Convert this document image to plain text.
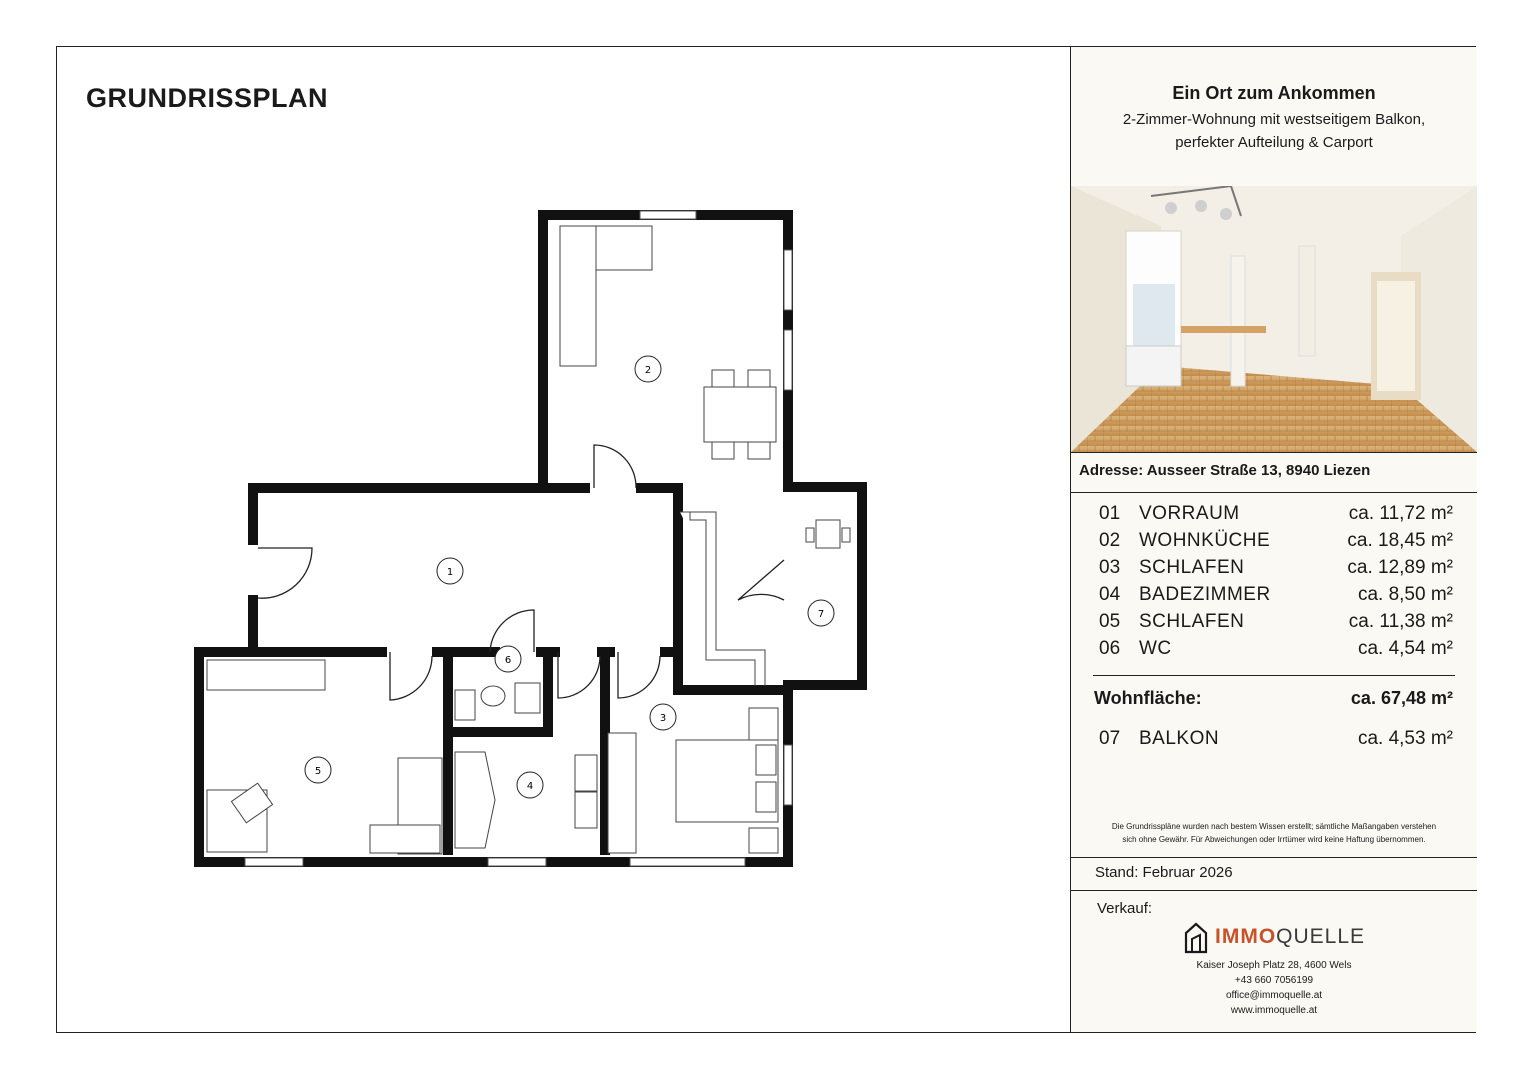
GRUNDRISSPLAN	Ein Ort zum Ankommen
2-Zimmer-Wohnung mit westseitigem Balkon,
perfekter Aufteilung & Carport
Adresse: Ausseer Straße 13, 8940 Liezen
01 VORRAUM	ca. 11,72 m²
02 WOHNKÜCHE	ca. 18,45 m²
03 SCHLAFEN	ca. 12,89 m²
04 BADEZIMMER	ca. 8,50 m²
05 SCHLAFEN	ca. 11,38 m²
06 WC	ca. 4,54 m²
Wohnfläche:	ca. 67,48 m²
07 BALKON	ca. 4,53 m²
Die Grundrisspläne wurden nach bestem Wissen erstellt; sämtliche Maßangaben verstehen
sich ohne Gewähr. Für Abweichungen oder Irrtümer wird keine Haftung übernommen.
Stand: Februar 2026
Verkauf:
IMMOQUELLE
Kaiser Joseph Platz 28, 4600 Wels
+43 660 7056199
office@immoquelle.at
www.immoquelle.at
1
2
3
4
5
6
7
